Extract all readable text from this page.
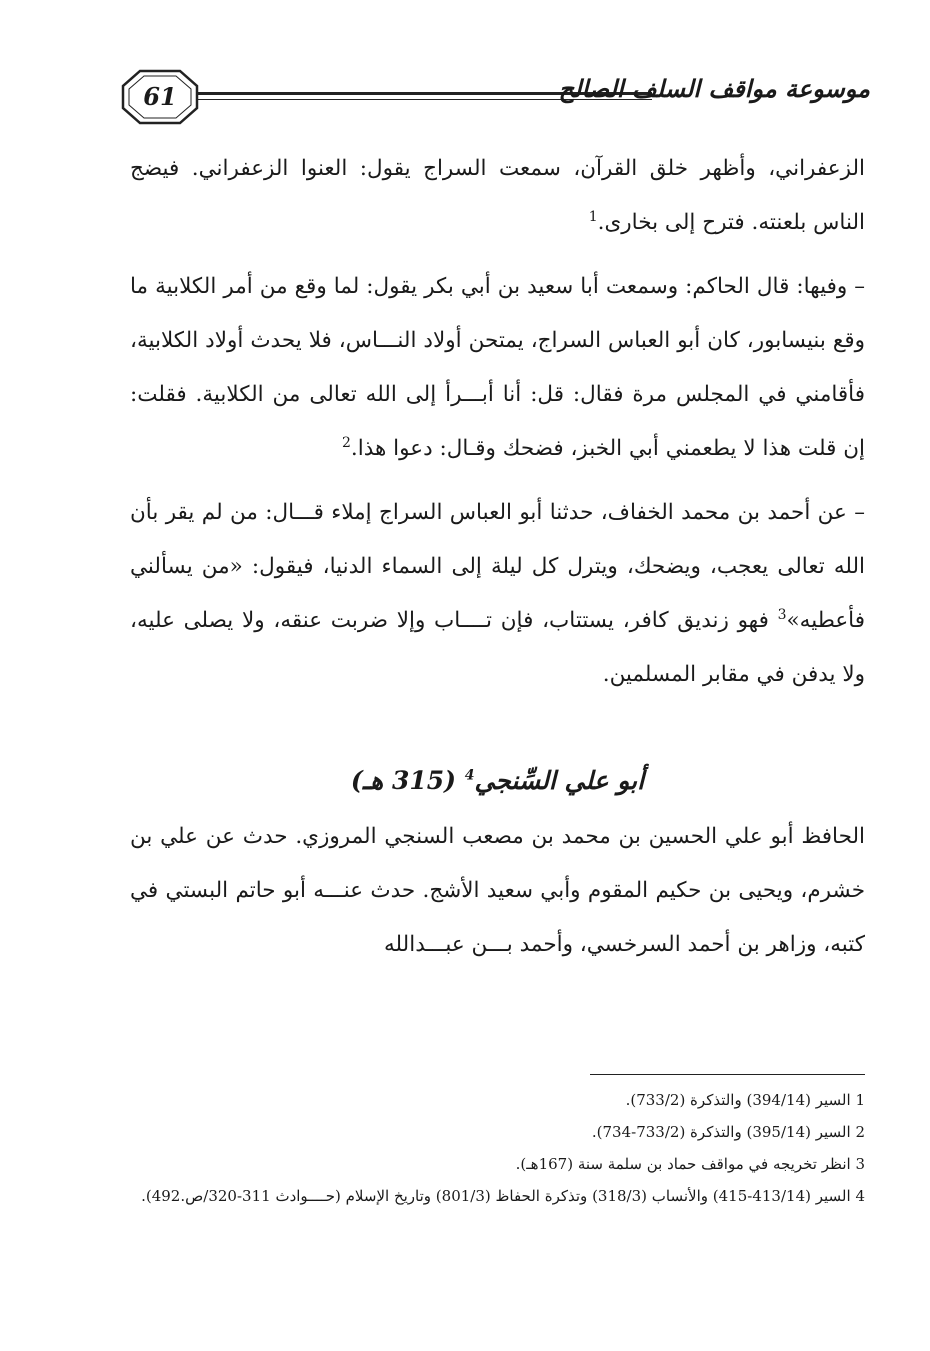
61	موسوعة مواقف السلف الصالح

الزعفراني، وأظهر خلق القرآن، سمعت السراج يقول: العنوا الزعفراني. فيضج الناس بلعنته. فترح إلى بخارى.$^1$

– وفيها: قال الحاكم: وسمعت أبا سعيد بن أبي بكر يقول: لما وقع من أمر الكلابية ما وقع بنيسابور، كان أبو العباس السراج، يمتحن أولاد النـــاس، فلا يحدث أولاد الكلابية، فأقامني في المجلس مرة فقال: قل: أنا أبـــرأ إلى الله تعالى من الكلابية. فقلت: إن قلت هذا لا يطعمني أبي الخبز، فضحك وقـال: دعوا هذا.$^2$

– عن أحمد بن محمد الخفاف، حدثنا أبو العباس السراج إملاء قـــال: من لم يقر بأن الله تعالى يعجب، ويضحك، ويترل كل ليلة إلى السماء الدنيا، فيقول: «من يسألني فأعطيه»$^3$ فهو زنديق كافر، يستتاب، فإن تــــاب وإلا ضربت عنقه، ولا يصلى عليه، ولا يدفن في مقابر المسلمين.

أبو علي السِّنجي$^4$ (315 هـ)

الحافظ أبو علي الحسين بن محمد بن مصعب السنجي المروزي. حدث عن علي بن خشرم، ويحيى بن حكيم المقوم وأبي سعيد الأشج. حدث عنـــه أبو حاتم البستي في كتبه، وزاهر بن أحمد السرخسي، وأحمد بـــن عبـــدالله

1 السير (394/14) والتذكرة (733/2).

2 السير (395/14) والتذكرة (733/2-734).

3 انظر تخريجه في مواقف حماد بن سلمة سنة (167هـ).

4 السير (413/14-415) والأنساب (318/3) وتذكرة الحفاظ (801/3) وتاريخ الإسلام (حــــوادث 311-320/ص.492).
